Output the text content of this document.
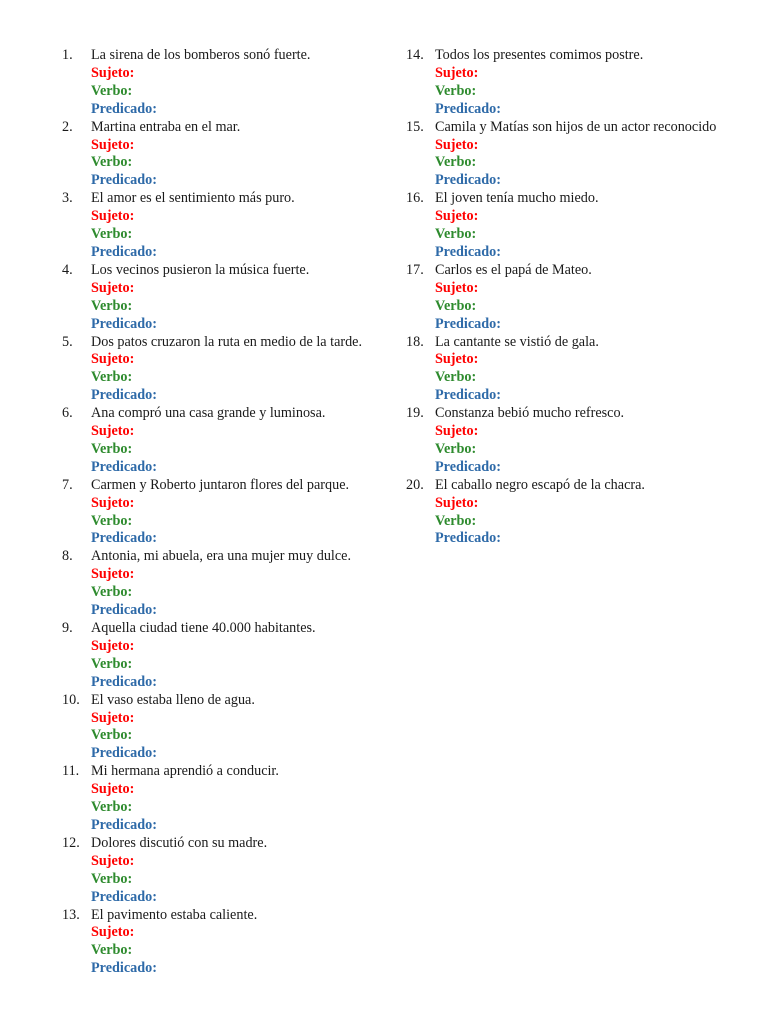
1.	La sirena de los bomberos sonó fuerte.
Sujeto:
Verbo:
Predicado:
2.	Martina entraba en el mar.
Sujeto:
Verbo:
Predicado:
3.	El amor es el sentimiento más puro.
Sujeto:
Verbo:
Predicado:
4.	Los vecinos pusieron la música fuerte.
Sujeto:
Verbo:
Predicado:
5.	Dos patos cruzaron la ruta en medio de la tarde.
Sujeto:
Verbo:
Predicado:
6.	Ana compró una casa grande y luminosa.
Sujeto:
Verbo:
Predicado:
7.	Carmen y Roberto juntaron flores del parque.
Sujeto:
Verbo:
Predicado:
8.	Antonia, mi abuela, era una mujer muy dulce.
Sujeto:
Verbo:
Predicado:
9.	Aquella ciudad tiene 40.000 habitantes.
Sujeto:
Verbo:
Predicado:
10. El vaso estaba lleno de agua.
Sujeto:
Verbo:
Predicado:
11. Mi hermana aprendió a conducir.
Sujeto:
Verbo:
Predicado:
12. Dolores discutió con su madre.
Sujeto:
Verbo:
Predicado:
13. El pavimento estaba caliente.
Sujeto:
Verbo:
Predicado:
14. Todos los presentes comimos postre.
Sujeto:
Verbo:
Predicado:
15. Camila y Matías son hijos de un actor reconocido
Sujeto:
Verbo:
Predicado:
16. El joven tenía mucho miedo.
Sujeto:
Verbo:
Predicado:
17. Carlos es el papá de Mateo.
Sujeto:
Verbo:
Predicado:
18. La cantante se vistió de gala.
Sujeto:
Verbo:
Predicado:
19. Constanza bebió mucho refresco.
Sujeto:
Verbo:
Predicado:
20. El caballo negro escapó de la chacra.
Sujeto:
Verbo:
Predicado:
